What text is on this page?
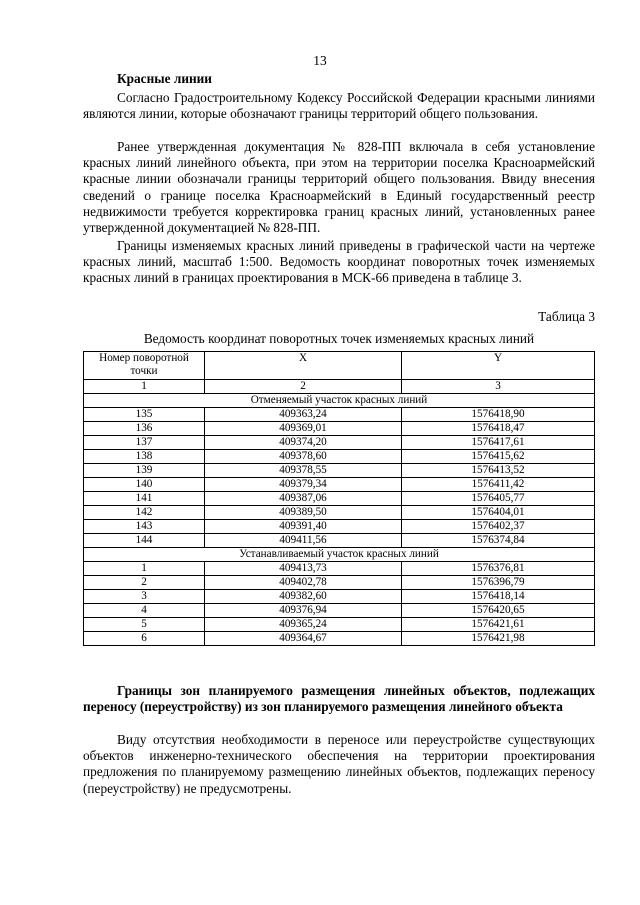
13
Красные линии
Согласно Градостроительному Кодексу Российской Федерации красными линиями являются линии, которые обозначают границы территорий общего пользования.
Ранее утвержденная документация № 828-ПП включала в себя установление красных линий линейного объекта, при этом на территории поселка Красноармейский красные линии обозначали границы территорий общего пользования. Ввиду внесения сведений о границе поселка Красноармейский в Единый государственный реестр недвижимости требуется корректировка границ красных линий, установленных ранее утвержденной документацией № 828-ПП.
Границы изменяемых красных линий приведены в графической части на чертеже красных линий, масштаб 1:500. Ведомость координат поворотных точек изменяемых красных линий в границах проектирования в МСК-66 приведена в таблице 3.
Таблица 3
Ведомость координат поворотных точек изменяемых красных линий
Номер поворотной точки	X	Y
1	2	3
Отменяемый участок красных линий		
135	409363,24	1576418,90
136	409369,01	1576418,47
137	409374,20	1576417,61
138	409378,60	1576415,62
139	409378,55	1576413,52
140	409379,34	1576411,42
141	409387,06	1576405,77
142	409389,50	1576404,01
143	409391,40	1576402,37
144	409411,56	1576374,84
Устанавливаемый участок красных линий		
1	409413,73	1576376,81
2	409402,78	1576396,79
3	409382,60	1576418,14
4	409376,94	1576420,65
5	409365,24	1576421,61
6	409364,67	1576421,98
Границы зон планируемого размещения линейных объектов, подлежащих переносу (переустройству) из зон планируемого размещения линейного объекта
Виду отсутствия необходимости в переносе или переустройстве существующих объектов инженерно-технического обеспечения на территории проектирования предложения по планируемому размещению линейных объектов, подлежащих переносу (переустройству) не предусмотрены.
